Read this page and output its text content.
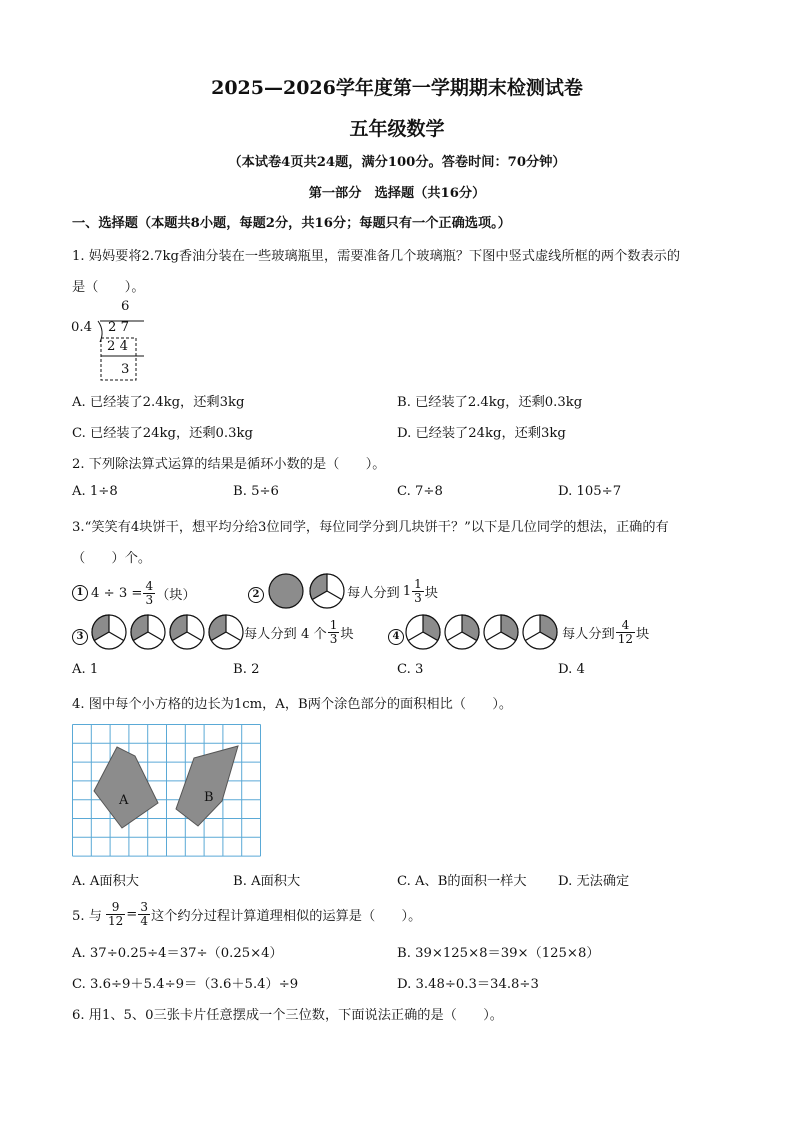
2025—2026学年度第一学期期末检测试卷
五年级数学
（本试卷4页共24题，满分100分。答卷时间：70分钟）
第一部分　选择题（共16分）
一、选择题（本题共8小题，每题2分，共16分；每题只有一个正确选项。）
1. 妈妈要将2.7kg香油分装在一些玻璃瓶里，需要准备几个玻璃瓶？下图中竖式虚线所框的两个数表示的
是（　　）。
6
0.4 2 7
2 4
3
A. 已经装了2.4kg，还剩3kg	B. 已经装了2.4kg，还剩0.3kg
C. 已经装了24kg，还剩0.3kg	D. 已经装了24kg，还剩3kg
2. 下列除法算式运算的结果是循环小数的是（　　）。
A. 1÷8	B. 5÷6	C. 7÷8	D. 105÷7
3.“笑笑有4块饼干，想平均分给3位同学，每位同学分到几块饼干？”以下是几位同学的想法，正确的有
（　　）个。
1 $4 \div 3 = \frac{4}{3}$ （块）	2	每人分到 $1 \frac{1}{3}$ 块
3	每人分到 4 个 $\frac{1}{3}$ 块	4	每人分到 $\frac{4}{12}$ 块
A. 1	B. 2	C. 3	D. 4
4. 图中每个小方格的边长为1cm，A，B两个涂色部分的面积相比（　　）。
A	B
A. A面积大	B. A面积大	C. A、B的面积一样大 D. 无法确定
5. 与 $\frac{9}{12} = \frac{3}{4}$ 这个约分过程计算道理相似的运算是（　　）。
A. 37÷0.25÷4＝37÷（0.25×4）	B. 39×125×8＝39×（125×8）
C. 3.6÷9＋5.4÷9＝（3.6＋5.4）÷9	D. 3.48÷0.3＝34.8÷3
6. 用1、5、0三张卡片任意摆成一个三位数，下面说法正确的是（　　）。
